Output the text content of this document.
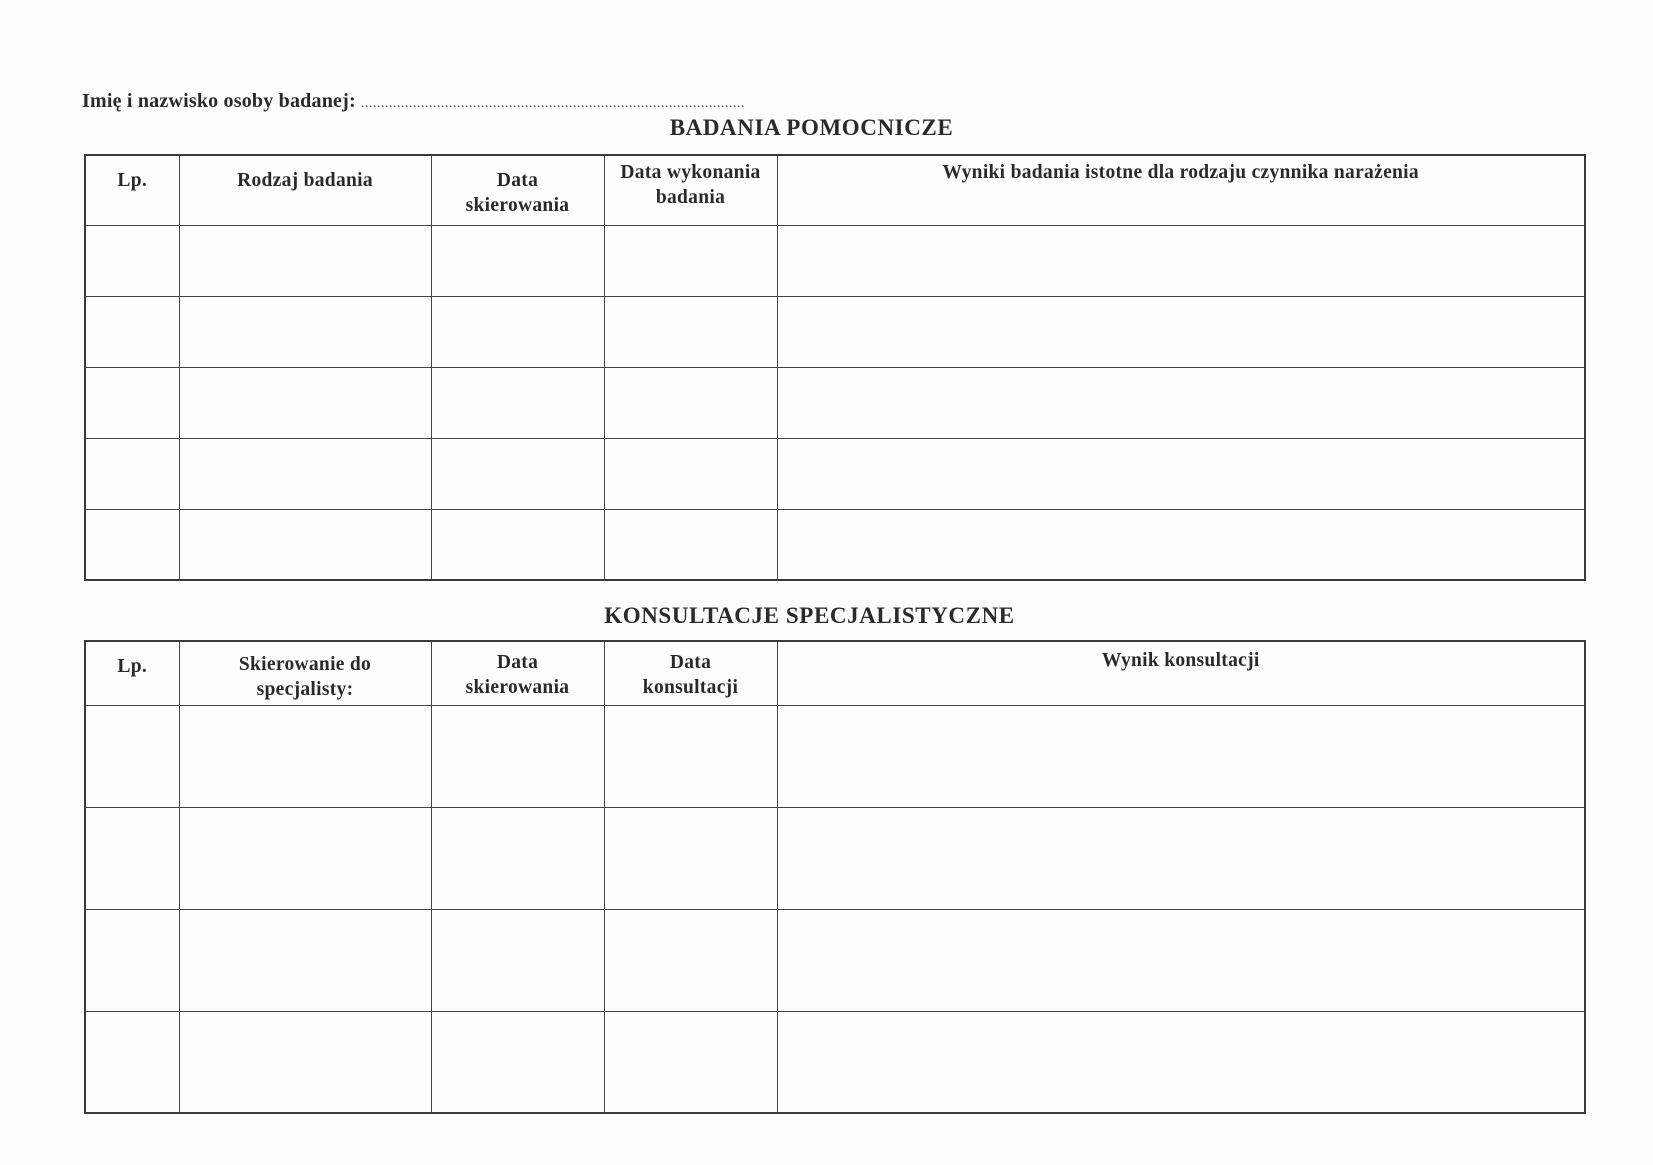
Imię i nazwisko osoby badanej: ................................................................................................
BADANIA POMOCNICZE
Lp.	Rodzaj badania	Data skierowania	Data wykonania badania	Wyniki badania istotne dla rodzaju czynnika narażenia

KONSULTACJE SPECJALISTYCZNE
Lp.	Skierowanie do specjalisty:	Data skierowania	Data konsultacji	Wynik konsultacji
